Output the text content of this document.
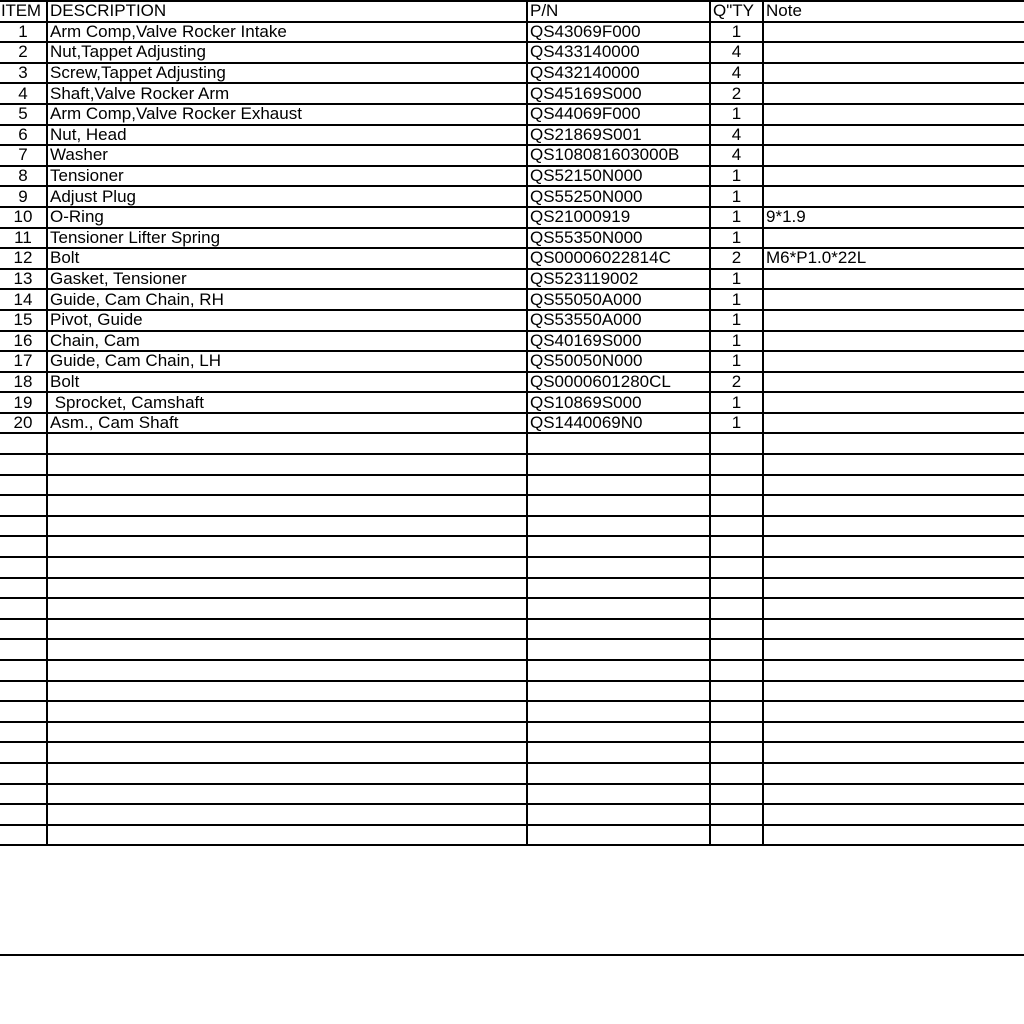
ITEM	DESCRIPTION	P/N	Q"TY	Note
1	Arm Comp,Valve Rocker Intake	QS43069F000	1	
2	Nut,Tappet Adjusting	QS433140000	4	
3	Screw,Tappet Adjusting	QS432140000	4	
4	Shaft,Valve Rocker Arm	QS45169S000	2	
5	Arm Comp,Valve Rocker Exhaust	QS44069F000	1	
6	Nut, Head	QS21869S001	4	
7	Washer	QS108081603000B	4	
8	Tensioner	QS52150N000	1	
9	Adjust Plug	QS55250N000	1	
10	O-Ring	QS21000919	1	9*1.9
11	Tensioner Lifter Spring	QS55350N000	1	
12	Bolt	QS00006022814C	2	M6*P1.0*22L
13	Gasket, Tensioner	QS523119002	1	
14	Guide, Cam Chain, RH	QS55050A000	1	
15	Pivot, Guide	QS53550A000	1	
16	Chain, Cam	QS40169S000	1	
17	Guide, Cam Chain, LH	QS50050N000	1	
18	Bolt	QS0000601280CL	2	
19	Sprocket, Camshaft	QS10869S000	1	
20	Asm., Cam Shaft	QS1440069N0	1	
